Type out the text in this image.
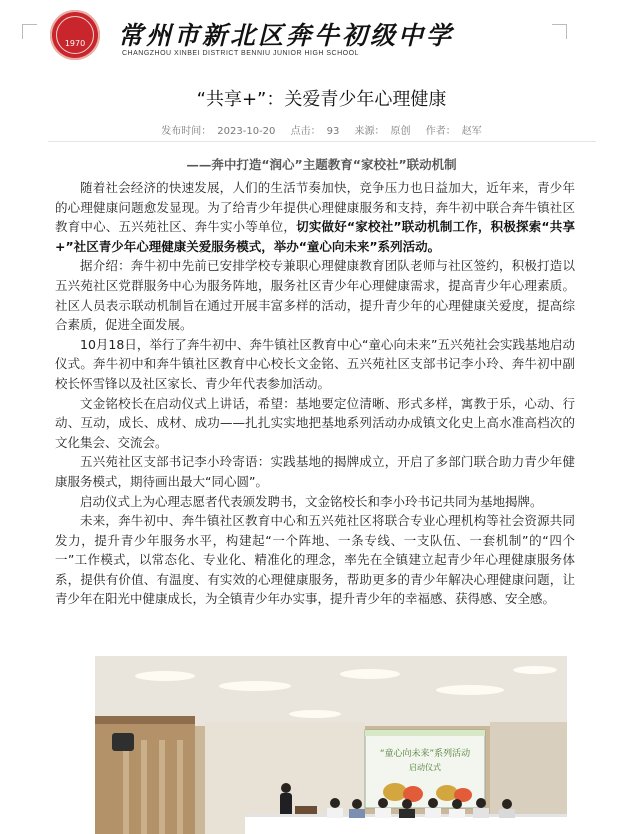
1970	常州市新北区奔牛初级中学
CHANGZHOU XINBEI DISTRICT BENNIU JUNIOR HIGH SCHOOL
“共享+”：关爱青少年心理健康
发布时间： 2023-10-20 点击： 93 来源： 原创 作者： 赵军
——奔中打造“润心”主题教育“家校社”联动机制

随着社会经济的快速发展，人们的生活节奏加快，竞争压力也日益加大，近年来，青少年的心理健康问题愈发显现。为了给青少年提供心理健康服务和支持，奔牛初中联合奔牛镇社区教育中心、五兴苑社区、奔牛实小等单位，切实做好“家校社”联动机制工作，积极探索“共享+”社区青少年心理健康关爱服务模式，举办“童心向未来”系列活动。

据介绍：奔牛初中先前已安排学校专兼职心理健康教育团队老师与社区签约，积极打造以五兴苑社区党群服务中心为服务阵地，服务社区青少年心理健康需求，提高青少年心理素质。社区人员表示联动机制旨在通过开展丰富多样的活动，提升青少年的心理健康关爱度，提高综合素质，促进全面发展。

10月18日，举行了奔牛初中、奔牛镇社区教育中心“童心向未来”五兴苑社会实践基地启动仪式。奔牛初中和奔牛镇社区教育中心校长文金铭、五兴苑社区支部书记李小玲、奔牛初中副校长怀雪锋以及社区家长、青少年代表参加活动。

文金铭校长在启动仪式上讲话，希望：基地要定位清晰、形式多样，寓教于乐，心动、行动、互动，成长、成材、成功——扎扎实实地把基地系列活动办成镇文化史上高水准高档次的文化集会、交流会。

五兴苑社区支部书记李小玲寄语：实践基地的揭牌成立，开启了多部门联合助力青少年健康服务模式，期待画出最大“同心圆”。

启动仪式上为心理志愿者代表颁发聘书，文金铭校长和李小玲书记共同为基地揭牌。

未来，奔牛初中、奔牛镇社区教育中心和五兴苑社区将联合专业心理机构等社会资源共同发力，提升青少年服务水平，构建起“一个阵地、一条专线、一支队伍、一套机制”的“四个一”工作模式，以常态化、专业化、精准化的理念，率先在全镇建立起青少年心理健康服务体系，提供有价值、有温度、有实效的心理健康服务，帮助更多的青少年解决心理健康问题，让青少年在阳光中健康成长，为全镇青少年办实事，提升青少年的幸福感、获得感、安全感。

“童心向未来”系列活动
启动仪式
